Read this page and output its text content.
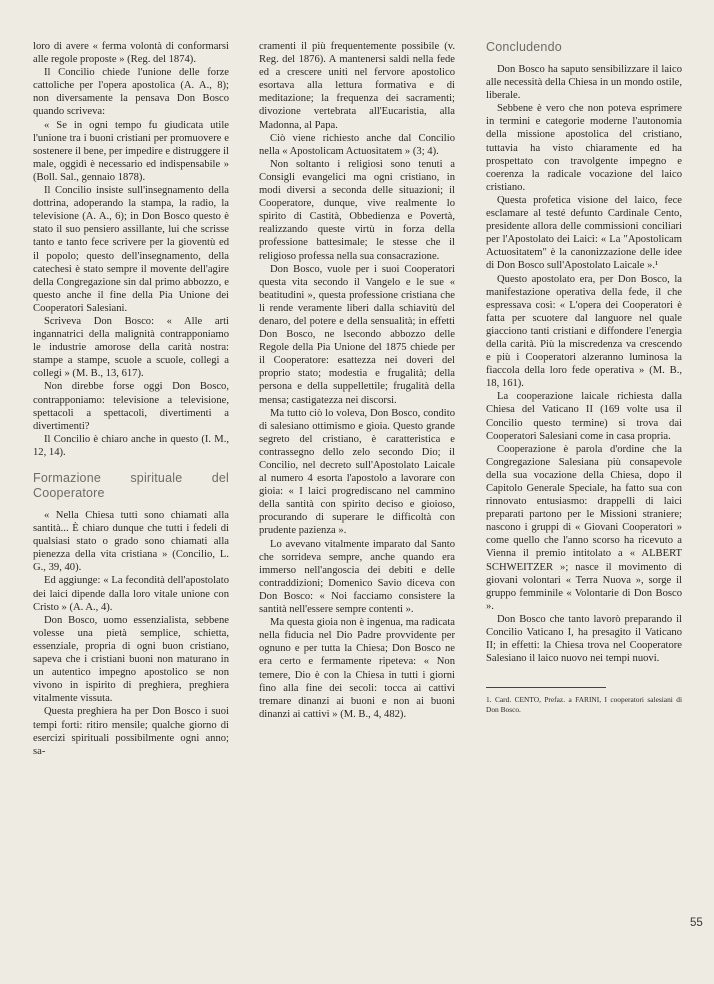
loro di avere « ferma volontà di conformarsi alle regole proposte » (Reg. del 1874).

Il Concilio chiede l'unione delle forze cattoliche per l'opera apostolica (A. A., 8); non diversamente la pensava Don Bosco quando scriveva:

« Se in ogni tempo fu giudicata utile l'unione tra i buoni cristiani per promuovere e sostenere il bene, per impedire e distruggere il male, oggidì è necessario ed indispensabile » (Boll. Sal., gennaio 1878).

Il Concilio insiste sull'insegnamento della dottrina, adoperando la stampa, la radio, la televisione (A. A., 6); in Don Bosco questo è stato il suo pensiero assillante, lui che scrisse tanto e tanto fece scrivere per la gioventù ed il popolo; questo dell'insegnamento, della catechesi è stato sempre il movente dell'agire della Congregazione sin dal primo abbozzo, e questo anche il fine della Pia Unione dei Cooperatori Salesiani.

Scriveva Don Bosco: « Alle arti ingannatrici della malignità contrapponiamo le industrie amorose della carità nostra: stampe a stampe, scuole a scuole, collegi a collegi » (M. B., 13, 617).

Non direbbe forse oggi Don Bosco, contrapponiamo: televisione a televisione, spettacoli a spettacoli, divertimenti a divertimenti?

Il Concilio è chiaro anche in questo (I. M., 12, 14).

Formazione spirituale del Cooperatore

« Nella Chiesa tutti sono chiamati alla santità... È chiaro dunque che tutti i fedeli di qualsiasi stato o grado sono chiamati alla pienezza della vita cristiana » (Concilio, L. G., 39, 40).

Ed aggiunge: « La fecondità dell'apostolato dei laici dipende dalla loro vitale unione con Cristo » (A. A., 4).

Don Bosco, uomo essenzialista, sebbene volesse una pietà semplice, schietta, essenziale, propria di ogni buon cristiano, sapeva che i cristiani buoni non maturano in un autentico impegno apostolico se non vivono in ispirito di preghiera, preghiera vitalmente vissuta.

Questa preghiera ha per Don Bosco i suoi tempi forti: ritiro mensile; qualche giorno di esercizi spirituali possibilmente ogni anno; sa-

cramenti il più frequentemente possibile (v. Reg. del 1876). A mantenersi saldi nella fede ed a crescere uniti nel fervore apostolico esortava alla lettura formativa e di meditazione; la frequenza dei sacramenti; divozione vertebrata all'Eucaristia, alla Madonna, al Papa.

Ciò viene richiesto anche dal Concilio nella « Apostolicam Actuositatem » (3; 4).

Non soltanto i religiosi sono tenuti a Consigli evangelici ma ogni cristiano, in modi diversi a seconda delle situazioni; il Cooperatore, dunque, vive realmente lo spirito di Castità, Obbedienza e Povertà, realizzando queste virtù in forza della professione battesimale; le stesse che il religioso professa nella sua consacrazione.

Don Bosco, vuole per i suoi Cooperatori questa vita secondo il Vangelo e le sue « beatitudini », questa professione cristiana che li rende veramente liberi dalla schiavitù del denaro, del potere e della sensualità; in effetti Don Bosco, ne lsecondo abbozzo delle Regole della Pia Unione del 1875 chiede per il Cooperatore: esattezza nei doveri del proprio stato; modestia e frugalità; della persona e della suppellettile; frugalità della mensa; castigatezza nei discorsi.

Ma tutto ciò lo voleva, Don Bosco, condito di salesiano ottimismo e gioia. Questo grande segreto del cristiano, è caratteristica e contrassegno dello zelo secondo Dio; il Concilio, nel decreto sull'Apostolato Laicale al numero 4 esorta l'apostolo a lavorare con gioia: « I laici progrediscano nel cammino della santità con spirito deciso e gioioso, procurando di superare le difficoltà con prudente pazienza ».

Lo avevano vitalmente imparato dal Santo che sorrideva sempre, anche quando era immerso nell'angoscia dei debiti e delle contraddizioni; Domenico Savio diceva con Don Bosco: « Noi facciamo consistere la santità nell'essere sempre contenti ».

Ma questa gioia non è ingenua, ma radicata nella fiducia nel Dio Padre provvidente per ognuno e per tutta la Chiesa; Don Bosco ne era certo e fermamente ripeteva: « Non temere, Dio è con la Chiesa in tutti i giorni fino alla fine dei secoli: tocca ai cattivi tremare dinanzi ai buoni e non ai buoni dinanzi ai cattivi » (M. B., 4, 482).

Concludendo

Don Bosco ha saputo sensibilizzare il laico alle necessità della Chiesa in un mondo ostile, liberale.

Sebbene è vero che non poteva esprimere in termini e categorie moderne l'autonomia della missione apostolica del cristiano, tuttavia ha visto chiaramente ed ha prospettato con travolgente impegno e coerenza la radicale vocazione del laico cristiano.

Questa profetica visione del laico, fece esclamare al testé defunto Cardinale Cento, presidente allora delle commissioni conciliari per l'Apostolato dei Laici: « La "Apostolicam Actuositatem" è la canonizzazione delle idee di Don Bosco sull'Apostolato Laicale ».¹

Questo apostolato era, per Don Bosco, la manifestazione operativa della fede, il che espressava così: « L'opera dei Cooperatori è fatta per scuotere dal languore nel quale giacciono tanti cristiani e diffondere l'energia della carità. Più la miscredenza va crescendo e più i Cooperatori alzeranno luminosa la fiaccola della loro fede operativa » (M. B., 18, 161).

La cooperazione laicale richiesta dalla Chiesa del Vaticano II (169 volte usa il Concilio questo termine) si trova dai Cooperatori Salesiani come in casa propria.

Cooperazione è parola d'ordine che la Congregazione Salesiana più consapevole della sua vocazione della Chiesa, dopo il Capitolo Generale Speciale, ha fatto sua con rinnovato entusiasmo: drappelli di laici preparati partono per le Missioni straniere; nascono i gruppi di « Giovani Cooperatori » come quello che l'anno scorso ha ricevuto a Vienna il premio intitolato a « ALBERT SCHWEITZER »; nasce il movimento di giovani volontari « Terra Nuova », sorge il gruppo femminile « Volontarie di Don Bosco ».

Don Bosco che tanto lavorò preparando il Concilio Vaticano I, ha presagito il Vaticano II; in effetti: la Chiesa trova nel Cooperatore Salesiano il laico nuovo nei tempi nuovi.

1. Card. CENTO, Prefaz. a FARINI, I cooperatori salesiani di Don Bosco.

55
